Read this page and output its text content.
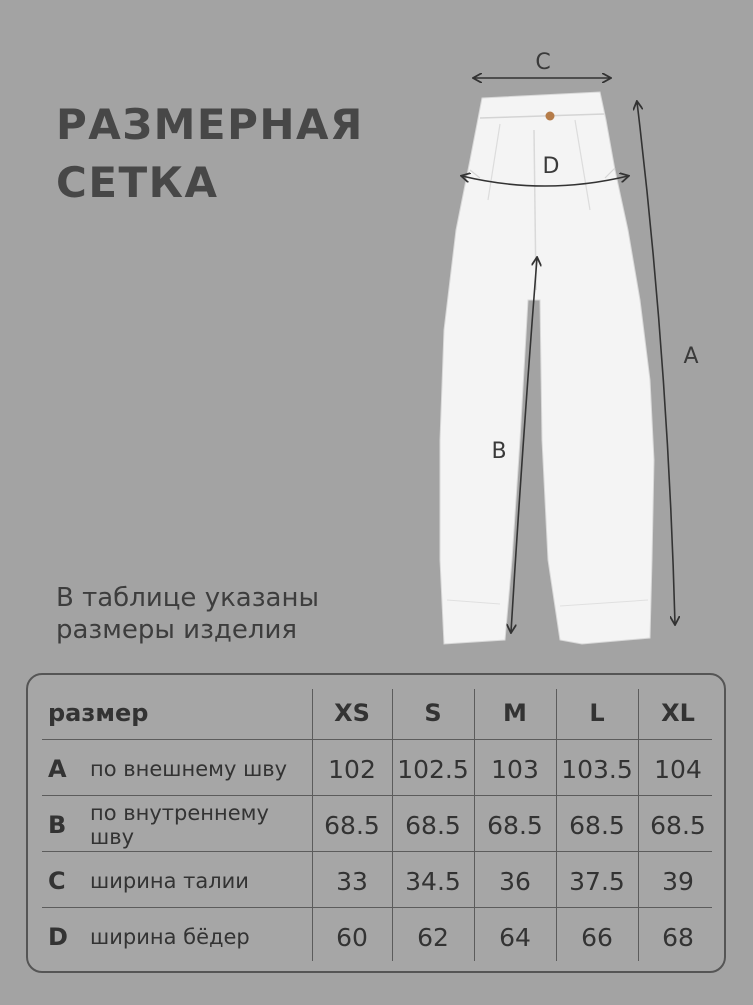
РАЗМЕРНАЯ
СЕТКА
C
D
A
B
В таблице указаны
размеры изделия
размер	XS	S	M	L	XL
A	по внешнему шву	102 102.5 103 103.5 104
B	по внутреннему шву	68.5	68.5	68.5	68.5	68.5
C	ширина талии	33	34.5	36	37.5	39
D	ширина бёдер	60	62	64	66	68
